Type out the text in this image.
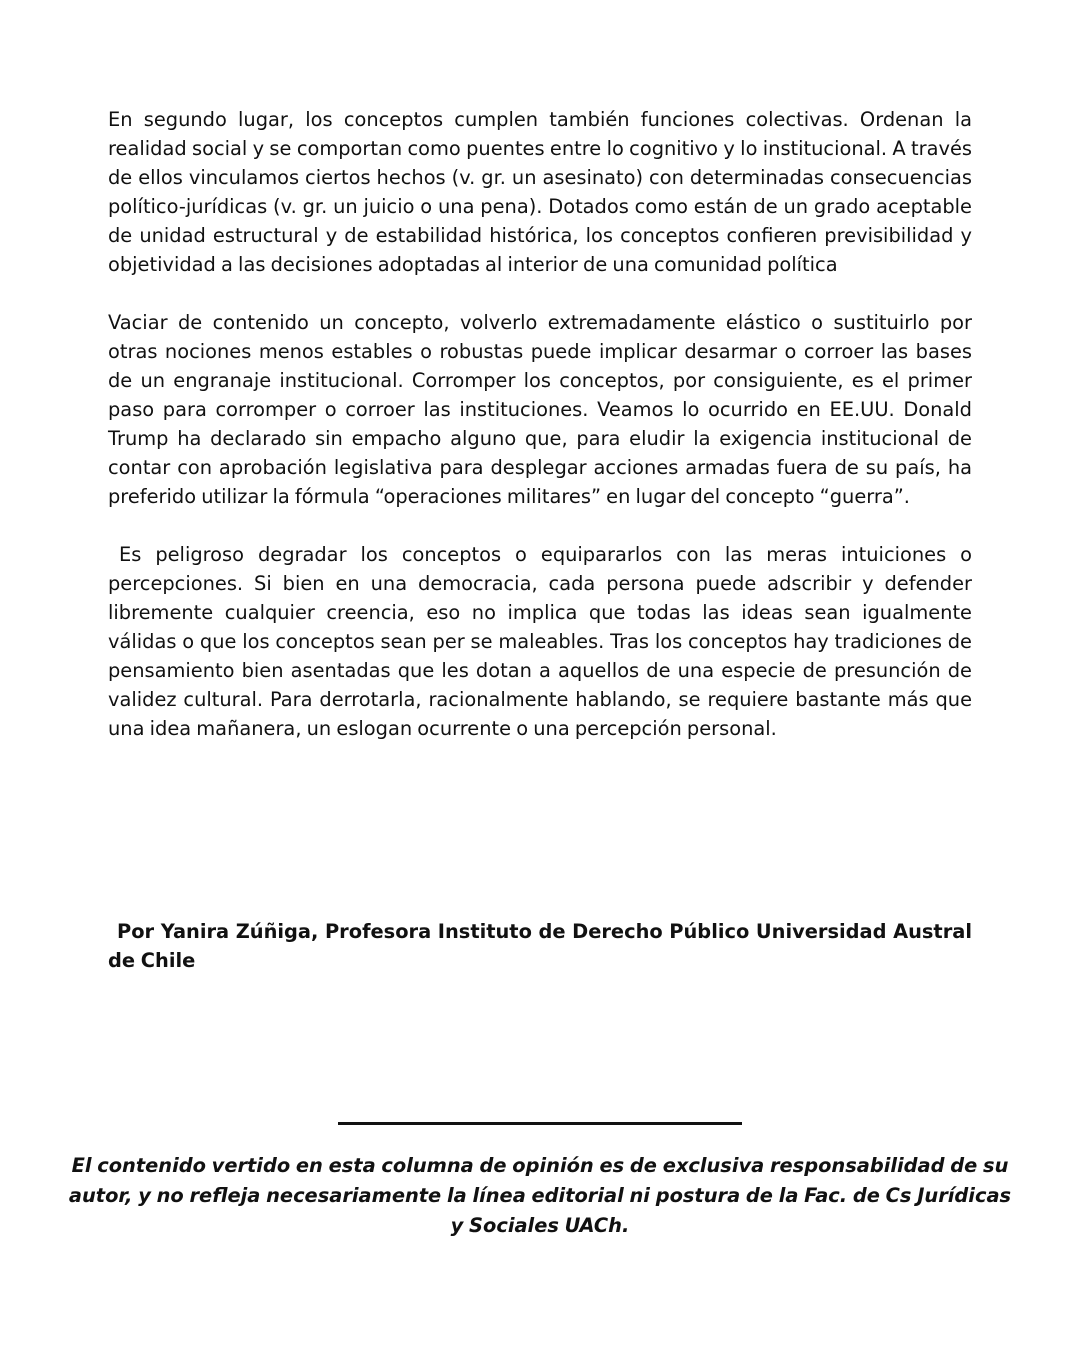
En segundo lugar, los conceptos cumplen también funciones colectivas. Ordenan la realidad social y se comportan como puentes entre lo cognitivo y lo institucional. A través de ellos vinculamos ciertos hechos (v. gr. un asesinato) con determinadas consecuencias político-jurídicas (v. gr. un juicio o una pena). Dotados como están de un grado aceptable de unidad estructural y de estabilidad histórica, los conceptos confieren previsibilidad y objetividad a las decisiones adoptadas al interior de una comunidad política

Vaciar de contenido un concepto, volverlo extremadamente elástico o sustituirlo por otras nociones menos estables o robustas puede implicar desarmar o corroer las bases de un engranaje institucional. Corromper los conceptos, por consiguiente, es el primer paso para corromper o corroer las instituciones. Veamos lo ocurrido en EE.UU. Donald Trump ha declarado sin empacho alguno que, para eludir la exigencia institucional de contar con aprobación legislativa para desplegar acciones armadas fuera de su país, ha preferido utilizar la fórmula “operaciones militares” en lugar del concepto “guerra”.

Es peligroso degradar los conceptos o equipararlos con las meras intuiciones o percepciones. Si bien en una democracia, cada persona puede adscribir y defender libremente cualquier creencia, eso no implica que todas las ideas sean igualmente válidas o que los conceptos sean per se maleables. Tras los conceptos hay tradiciones de pensamiento bien asentadas que les dotan a aquellos de una especie de presunción de validez cultural. Para derrotarla, racionalmente hablando, se requiere bastante más que una idea mañanera, un eslogan ocurrente o una percepción personal.

Por Yanira Zúñiga, Profesora Instituto de Derecho Público Universidad Austral de Chile

El contenido vertido en esta columna de opinión es de exclusiva responsabilidad de su autor, y no refleja necesariamente la línea editorial ni postura de la Fac. de Cs Jurídicas y Sociales UACh.
